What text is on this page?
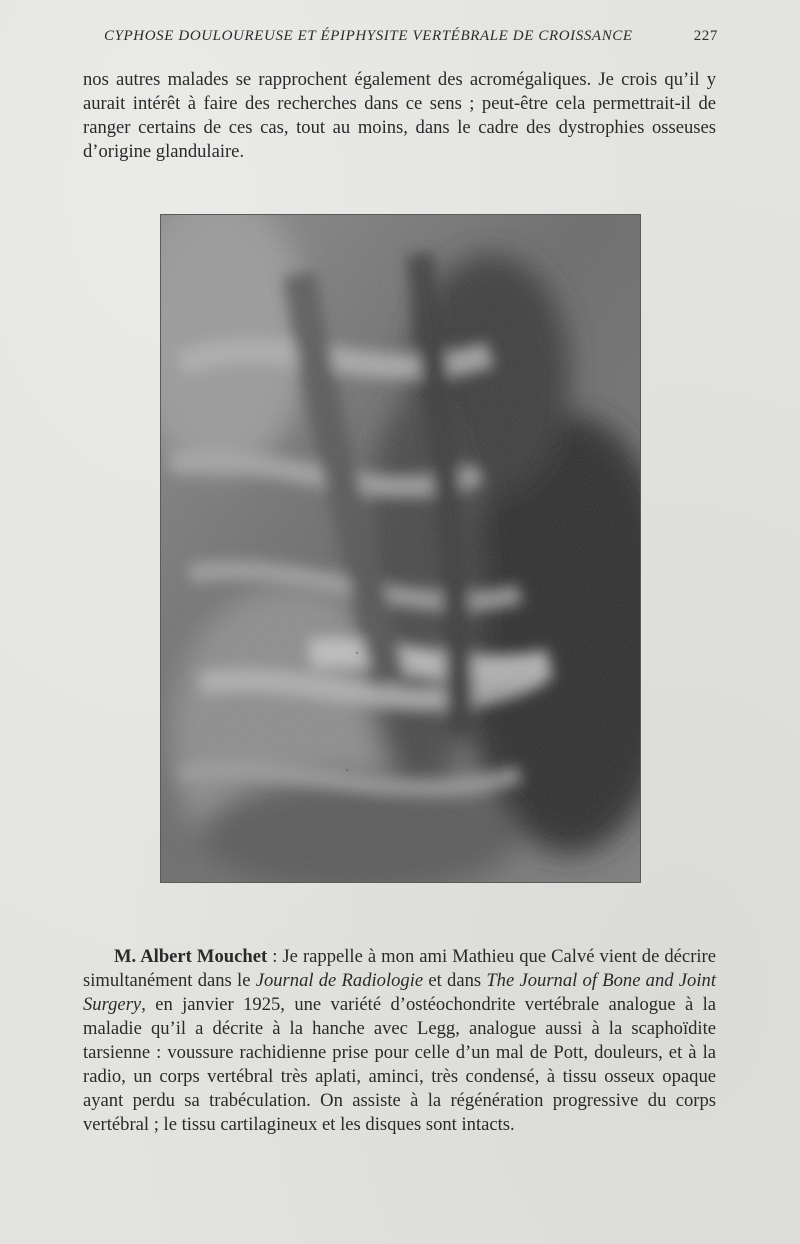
CYPHOSE DOULOUREUSE ET ÉPIPHYSITE VERTÉBRALE DE CROISSANCE	227
nos autres malades se rapprochent également des acromégaliques. Je crois qu’il y aurait intérêt à faire des recherches dans ce sens ; peut-être cela permettrait-il de ranger certains de ces cas, tout au moins, dans le cadre des dystrophies osseuses d’origine glandulaire.
M. Albert Mouchet : Je rappelle à mon ami Mathieu que Calvé vient de décrire simultanément dans le Journal de Radiologie et dans The Journal of Bone and Joint Surgery, en janvier 1925, une variété d’ostéochondrite vertébrale analogue à la maladie qu’il a décrite à la hanche avec Legg, analogue aussi à la scaphoïdite tarsienne : voussure rachidienne prise pour celle d’un mal de Pott, douleurs, et à la radio, un corps vertébral très aplati, aminci, très condensé, à tissu osseux opaque ayant perdu sa trabéculation. On assiste à la régénération progressive du corps vertébral ; le tissu cartilagineux et les disques sont intacts.
